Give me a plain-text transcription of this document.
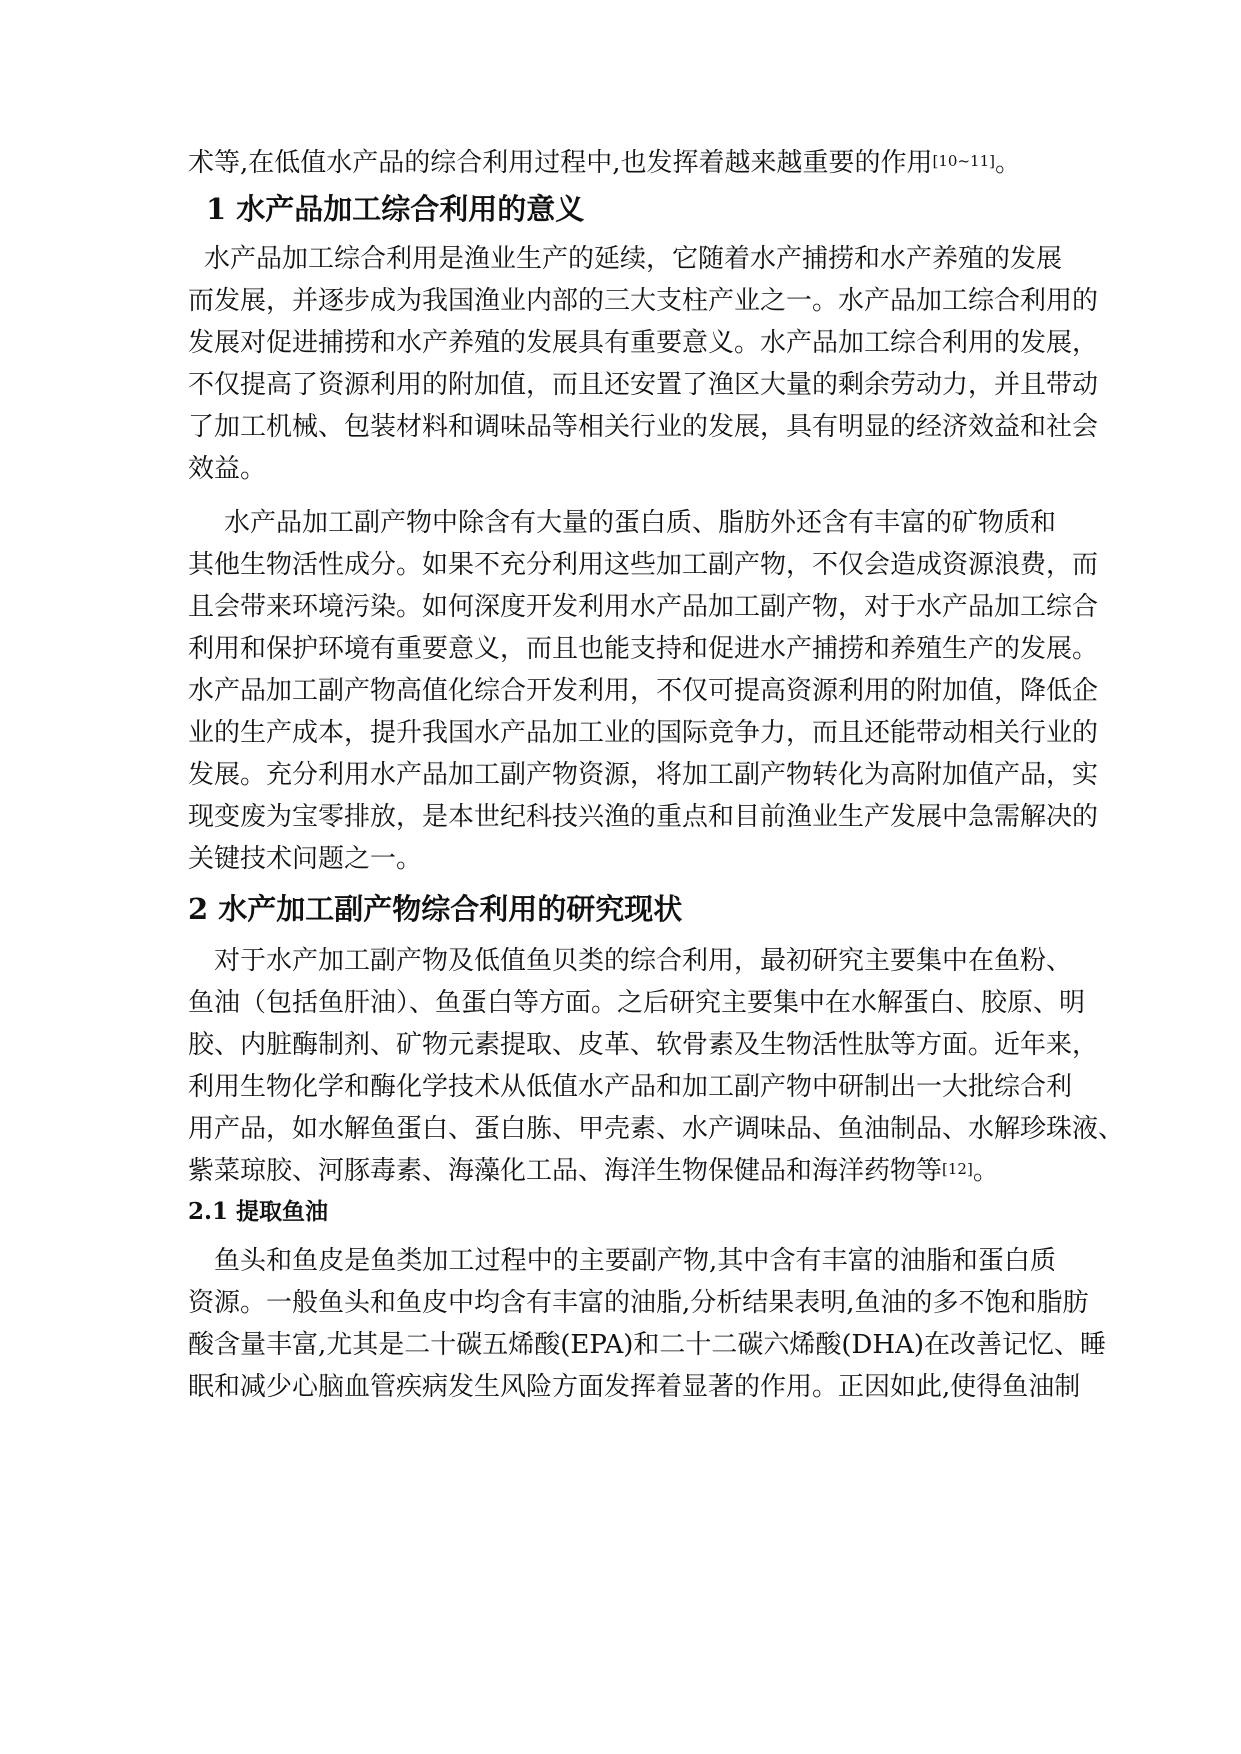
术等,在低值水产品的综合利用过程中,也发挥着越来越重要的作用[10~11]。
1 水产品加工综合利用的意义
水产品加工综合利用是渔业生产的延续，它随着水产捕捞和水产养殖的发展
而发展，并逐步成为我国渔业内部的三大支柱产业之一。水产品加工综合利用的
发展对促进捕捞和水产养殖的发展具有重要意义。水产品加工综合利用的发展，
不仅提高了资源利用的附加值，而且还安置了渔区大量的剩余劳动力，并且带动
了加工机械、包装材料和调味品等相关行业的发展，具有明显的经济效益和社会
效益。
水产品加工副产物中除含有大量的蛋白质、脂肪外还含有丰富的矿物质和
其他生物活性成分。如果不充分利用这些加工副产物，不仅会造成资源浪费，而
且会带来环境污染。如何深度开发利用水产品加工副产物，对于水产品加工综合
利用和保护环境有重要意义，而且也能支持和促进水产捕捞和养殖生产的发展。
水产品加工副产物高值化综合开发利用，不仅可提高资源利用的附加值，降低企
业的生产成本，提升我国水产品加工业的国际竞争力，而且还能带动相关行业的
发展。充分利用水产品加工副产物资源，将加工副产物转化为高附加值产品，实
现变废为宝零排放，是本世纪科技兴渔的重点和目前渔业生产发展中急需解决的
关键技术问题之一。
2 水产加工副产物综合利用的研究现状
对于水产加工副产物及低值鱼贝类的综合利用，最初研究主要集中在鱼粉、
鱼油（包括鱼肝油）、鱼蛋白等方面。之后研究主要集中在水解蛋白、胶原、明
胶、内脏酶制剂、矿物元素提取、皮革、软骨素及生物活性肽等方面。近年来，
利用生物化学和酶化学技术从低值水产品和加工副产物中研制出一大批综合利
用产品，如水解鱼蛋白、蛋白胨、甲壳素、水产调味品、鱼油制品、水解珍珠液、
紫菜琼胶、河豚毒素、海藻化工品、海洋生物保健品和海洋药物等[12]。
2.1 提取鱼油
鱼头和鱼皮是鱼类加工过程中的主要副产物,其中含有丰富的油脂和蛋白质
资源。一般鱼头和鱼皮中均含有丰富的油脂,分析结果表明,鱼油的多不饱和脂肪
酸含量丰富,尤其是二十碳五烯酸(EPA)和二十二碳六烯酸(DHA)在改善记忆、睡
眠和减少心脑血管疾病发生风险方面发挥着显著的作用。正因如此,使得鱼油制
